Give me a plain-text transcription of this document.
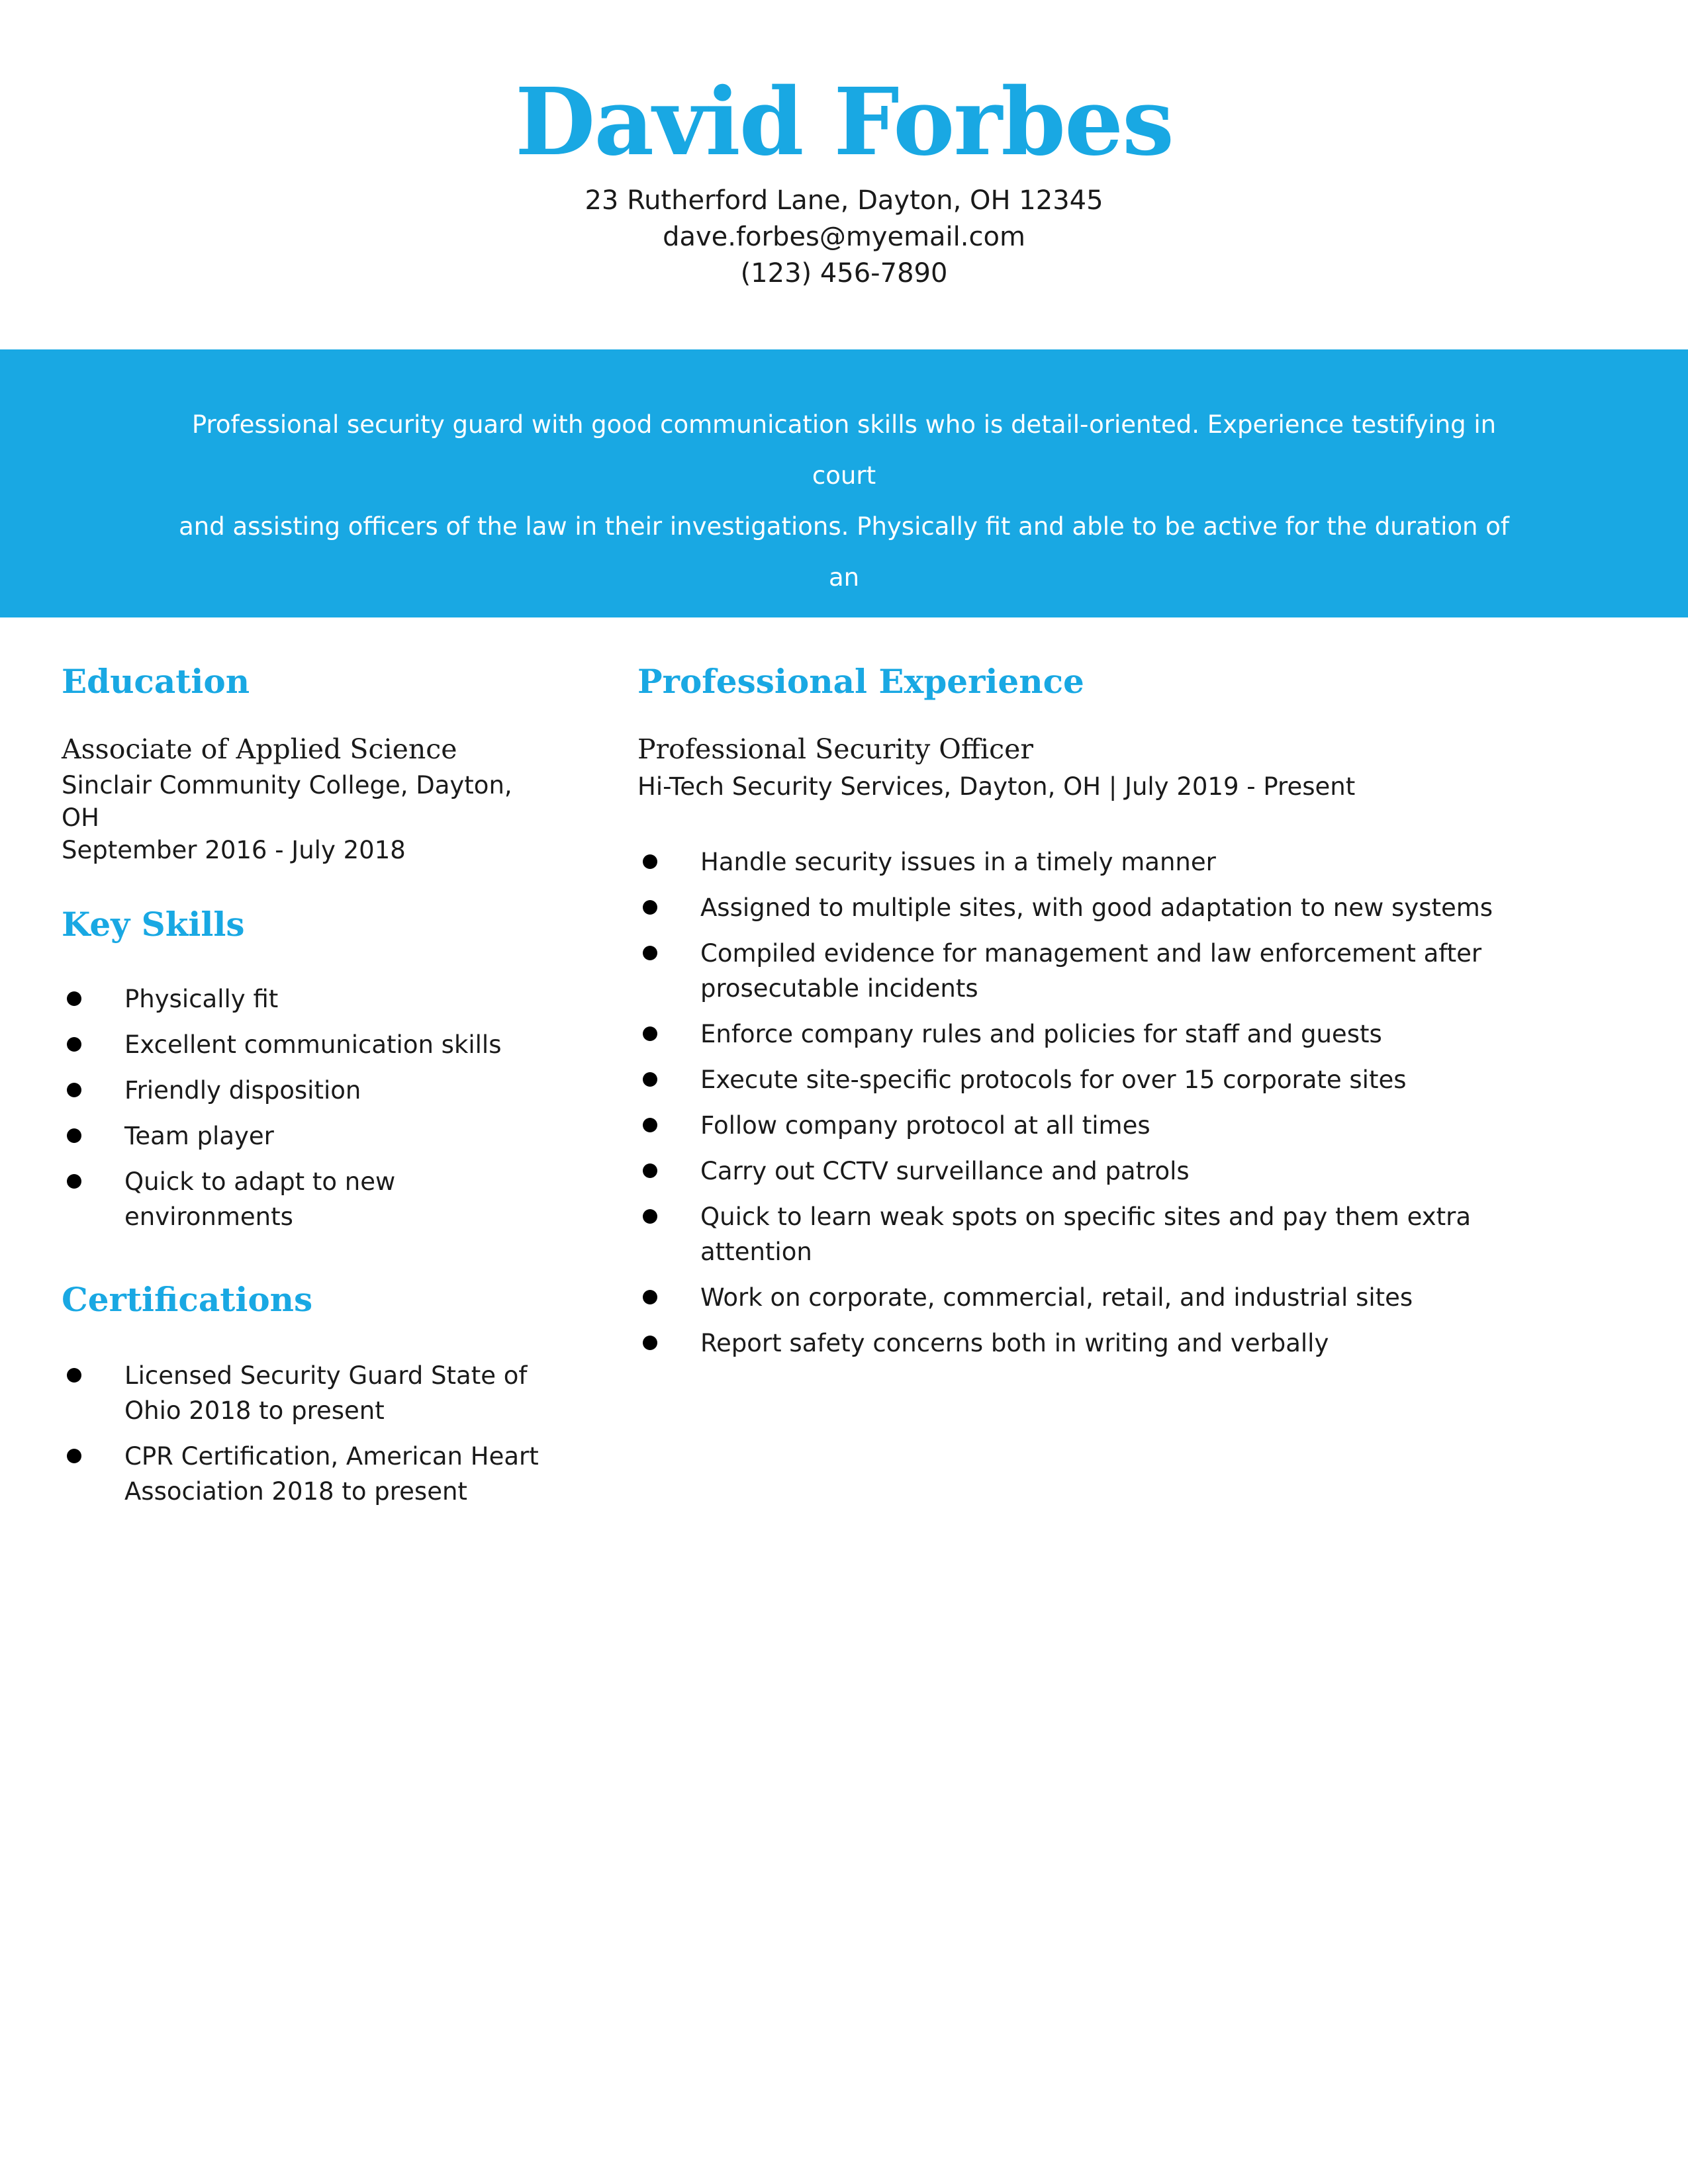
David Forbes

23 Rutherford Lane, Dayton, OH 12345

dave.forbes@myemail.com

(123) 456-7890

Professional security guard with good communication skills who is detail-oriented. Experience testifying in court

and assisting officers of the law in their investigations. Physically fit and able to be active for the duration of an

extended shift.

Education

Associate of Applied Science

Sinclair Community College, Dayton, OH

September 2016 - July 2018

Key Skills
Physically fit
Excellent communication skills
Friendly disposition
Team player
Quick to adapt to new environments
Certifications
Licensed Security Guard State of Ohio 2018 to present
CPR Certification, American Heart Association 2018 to present
Professional Experience

Professional Security Officer

Hi-Tech Security Services, Dayton, OH | July 2019 - Present

Handle security issues in a timely manner
Assigned to multiple sites, with good adaptation to new systems
Compiled evidence for management and law enforcement after prosecutable incidents
Enforce company rules and policies for staff and guests
Execute site-specific protocols for over 15 corporate sites
Follow company protocol at all times
Carry out CCTV surveillance and patrols
Quick to learn weak spots on specific sites and pay them extra attention
Work on corporate, commercial, retail, and industrial sites
Report safety concerns both in writing and verbally
